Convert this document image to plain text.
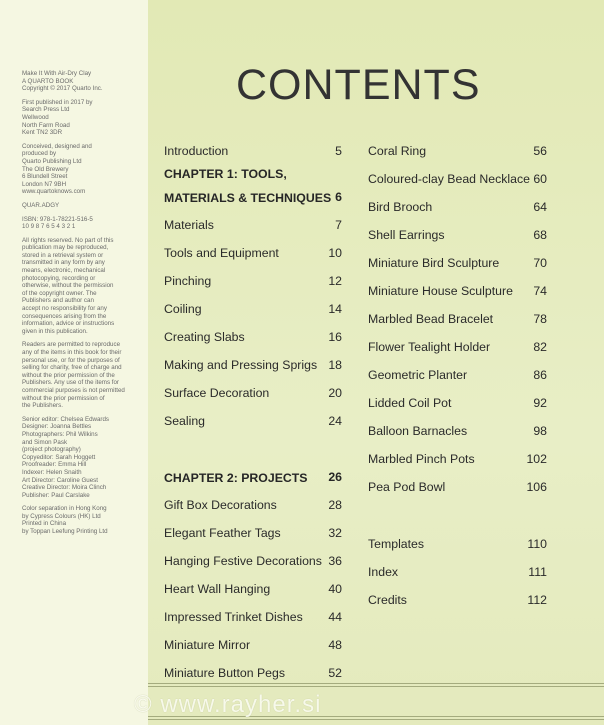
Make It With Air-Dry Clay
A QUARTO BOOK
Copyright © 2017 Quarto Inc.
First published in 2017 by
Search Press Ltd
Wellwood
North Farm Road
Kent TN2 3DR
Conceived, designed and
produced by
Quarto Publishing Ltd
The Old Brewery
6 Blundell Street
London N7 9BH
www.quartoknows.com
QUAR.ADGY
ISBN: 978-1-78221-516-5
10 9 8 7 6 5 4 3 2 1
All rights reserved. No part of this
publication may be reproduced,
stored in a retrieval system or
transmitted in any form by any
means, electronic, mechanical
photocopying, recording or
otherwise, without the permission
of the copyright owner. The
Publishers and author can
accept no responsibility for any
consequences arising from the
information, advice or instructions
given in this publication.
Readers are permitted to reproduce
any of the items in this book for their
personal use, or for the purposes of
selling for charity, free of charge and
without the prior permission of the
Publishers. Any use of the items for
commercial purposes is not permitted
without the prior permission of
the Publishers.
Senior editor: Chelsea Edwards
Designer: Joanna Bettles
Photographers: Phil Wilkins
and Simon Pask
(project photography)
Copyeditor: Sarah Hoggett
Proofreader: Emma Hill
Indexer: Helen Snaith
Art Director: Caroline Guest
Creative Director: Moira Clinch
Publisher: Paul Carslake
Color separation in Hong Kong
by Cypress Colours (HK) Ltd
Printed in China
by Toppan Leefung Printing Ltd
CONTENTS
Introduction	5
CHAPTER 1: TOOLS,
MATERIALS & TECHNIQUES 6
Materials	7
Tools and Equipment	10
Pinching	12
Coiling	14
Creating Slabs	16
Making and Pressing Sprigs 18
Surface Decoration	20
Sealing	24
CHAPTER 2: PROJECTS 26
Gift Box Decorations	28
Elegant Feather Tags	32
Hanging Festive Decorations 36
Heart Wall Hanging	40
Impressed Trinket Dishes 44
Miniature Mirror	48
Miniature Button Pegs	52
Coral Ring	56
Coloured-clay Bead Necklace 60
Bird Brooch	64
Shell Earrings	68
Miniature Bird Sculpture	70
Miniature House Sculpture 74
Marbled Bead Bracelet	78
Flower Tealight Holder	82
Geometric Planter	86
Lidded Coil Pot	92
Balloon Barnacles	98
Marbled Pinch Pots	102
Pea Pod Bowl	106
Templates	110
Index	111
Credits	112
© www.rayher.si
